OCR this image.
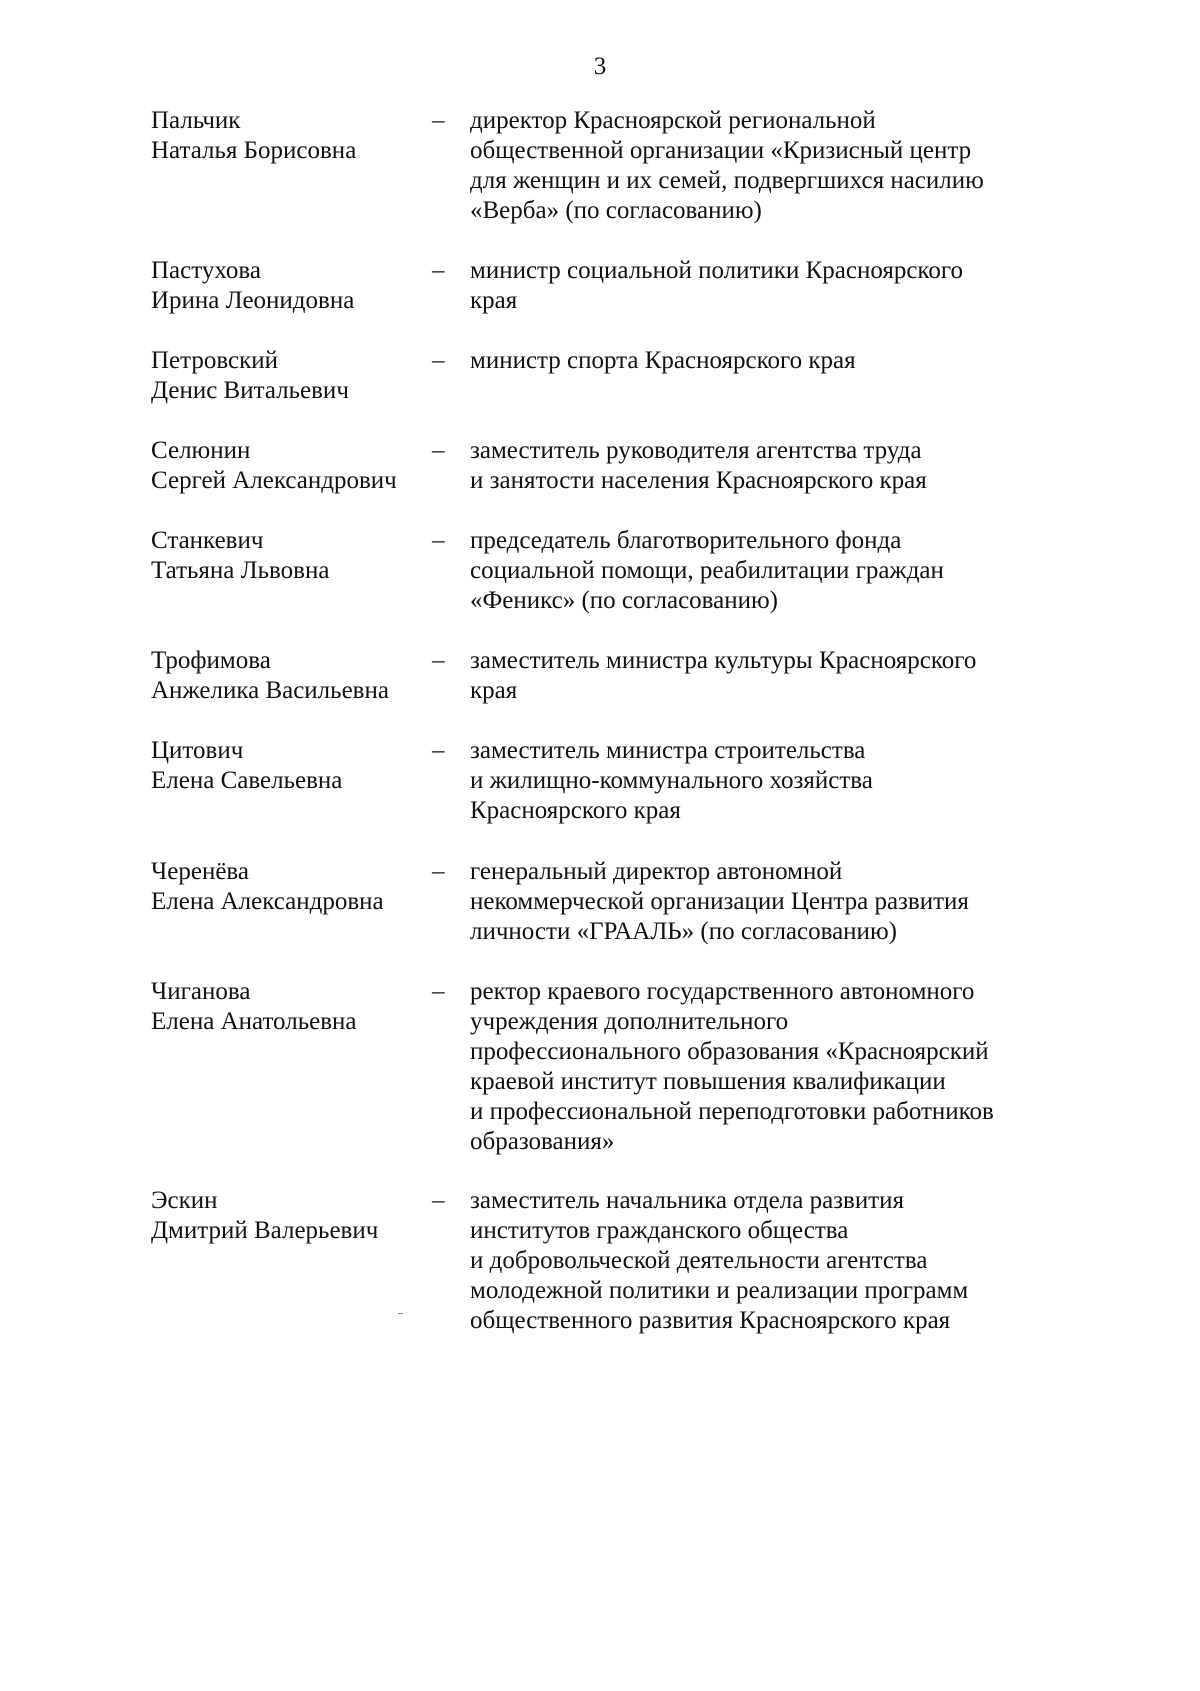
3
Пальчик
Наталья Борисовна
– директор Красноярской региональной
общественной организации «Кризисный центр
для женщин и их семей, подвергшихся насилию
«Верба» (по согласованию)
Пастухова
Ирина Леонидовна
– министр социальной политики Красноярского
края
Петровский
Денис Витальевич
– министр спорта Красноярского края
Селюнин
Сергей Александрович
– заместитель руководителя агентства труда
и занятости населения Красноярского края
Станкевич
Татьяна Львовна
– председатель благотворительного фонда
социальной помощи, реабилитации граждан
«Феникс» (по согласованию)
Трофимова
Анжелика Васильевна
– заместитель министра культуры Красноярского
края
Цитович
Елена Савельевна
– заместитель министра строительства
и жилищно-коммунального хозяйства
Красноярского края
Черенёва
Елена Александровна
– генеральный директор автономной
некоммерческой организации Центра развития
личности «ГРААЛЬ» (по согласованию)
Чиганова
Елена Анатольевна
– ректор краевого государственного автономного
учреждения дополнительного
профессионального образования «Красноярский
краевой институт повышения квалификации
и профессиональной переподготовки работников
образования»
Эскин
Дмитрий Валерьевич
– заместитель начальника отдела развития
институтов гражданского общества
и добровольческой деятельности агентства
молодежной политики и реализации программ
общественного развития Красноярского края
